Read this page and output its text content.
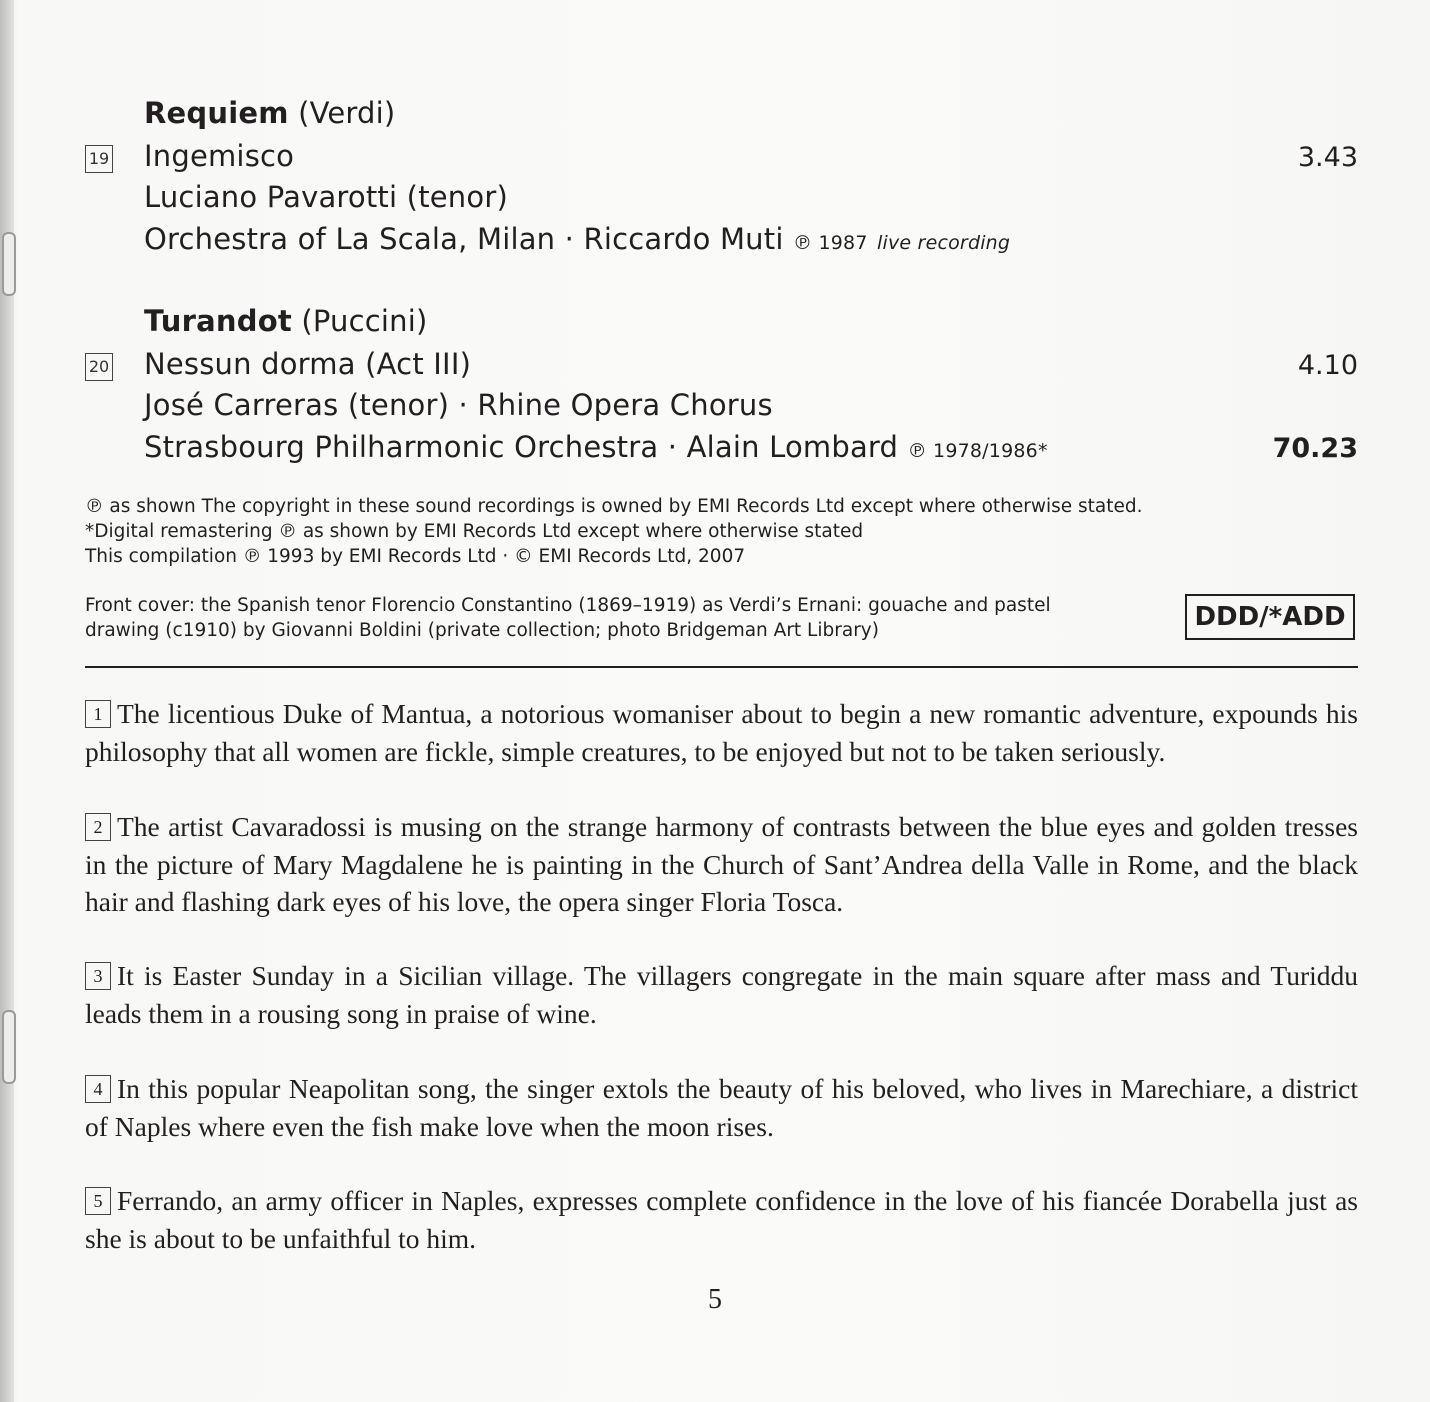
Requiem (Verdi)
19 Ingemisco	3.43
Luciano Pavarotti (tenor)
Orchestra of La Scala, Milan · Riccardo Muti ℗ 1987 live recording
Turandot (Puccini)
20 Nessun dorma (Act III)	4.10
José Carreras (tenor) · Rhine Opera Chorus
Strasbourg Philharmonic Orchestra · Alain Lombard ℗ 1978/1986*	70.23
℗ as shown The copyright in these sound recordings is owned by EMI Records Ltd except where otherwise stated.
*Digital remastering ℗ as shown by EMI Records Ltd except where otherwise stated
This compilation ℗ 1993 by EMI Records Ltd · © EMI Records Ltd, 2007
Front cover: the Spanish tenor Florencio Constantino (1869–1919) as Verdi’s Ernani: gouache and pastel
drawing (c1910) by Giovanni Boldini (private collection; photo Bridgeman Art Library)	DDD/*ADD
1 The licentious Duke of Mantua, a notorious womaniser about to begin a new romantic adventure, expounds his philosophy that all women are fickle, simple creatures, to be enjoyed but not to be taken seriously.
2 The artist Cavaradossi is musing on the strange harmony of contrasts between the blue eyes and golden tresses in the picture of Mary Magdalene he is painting in the Church of Sant’Andrea della Valle in Rome, and the black hair and flashing dark eyes of his love, the opera singer Floria Tosca.
3 It is Easter Sunday in a Sicilian village. The villagers congregate in the main square after mass and Turiddu leads them in a rousing song in praise of wine.
4 In this popular Neapolitan song, the singer extols the beauty of his beloved, who lives in Marechiare, a district of Naples where even the fish make love when the moon rises.
5 Ferrando, an army officer in Naples, expresses complete confidence in the love of his fiancée Dorabella just as she is about to be unfaithful to him.
5
